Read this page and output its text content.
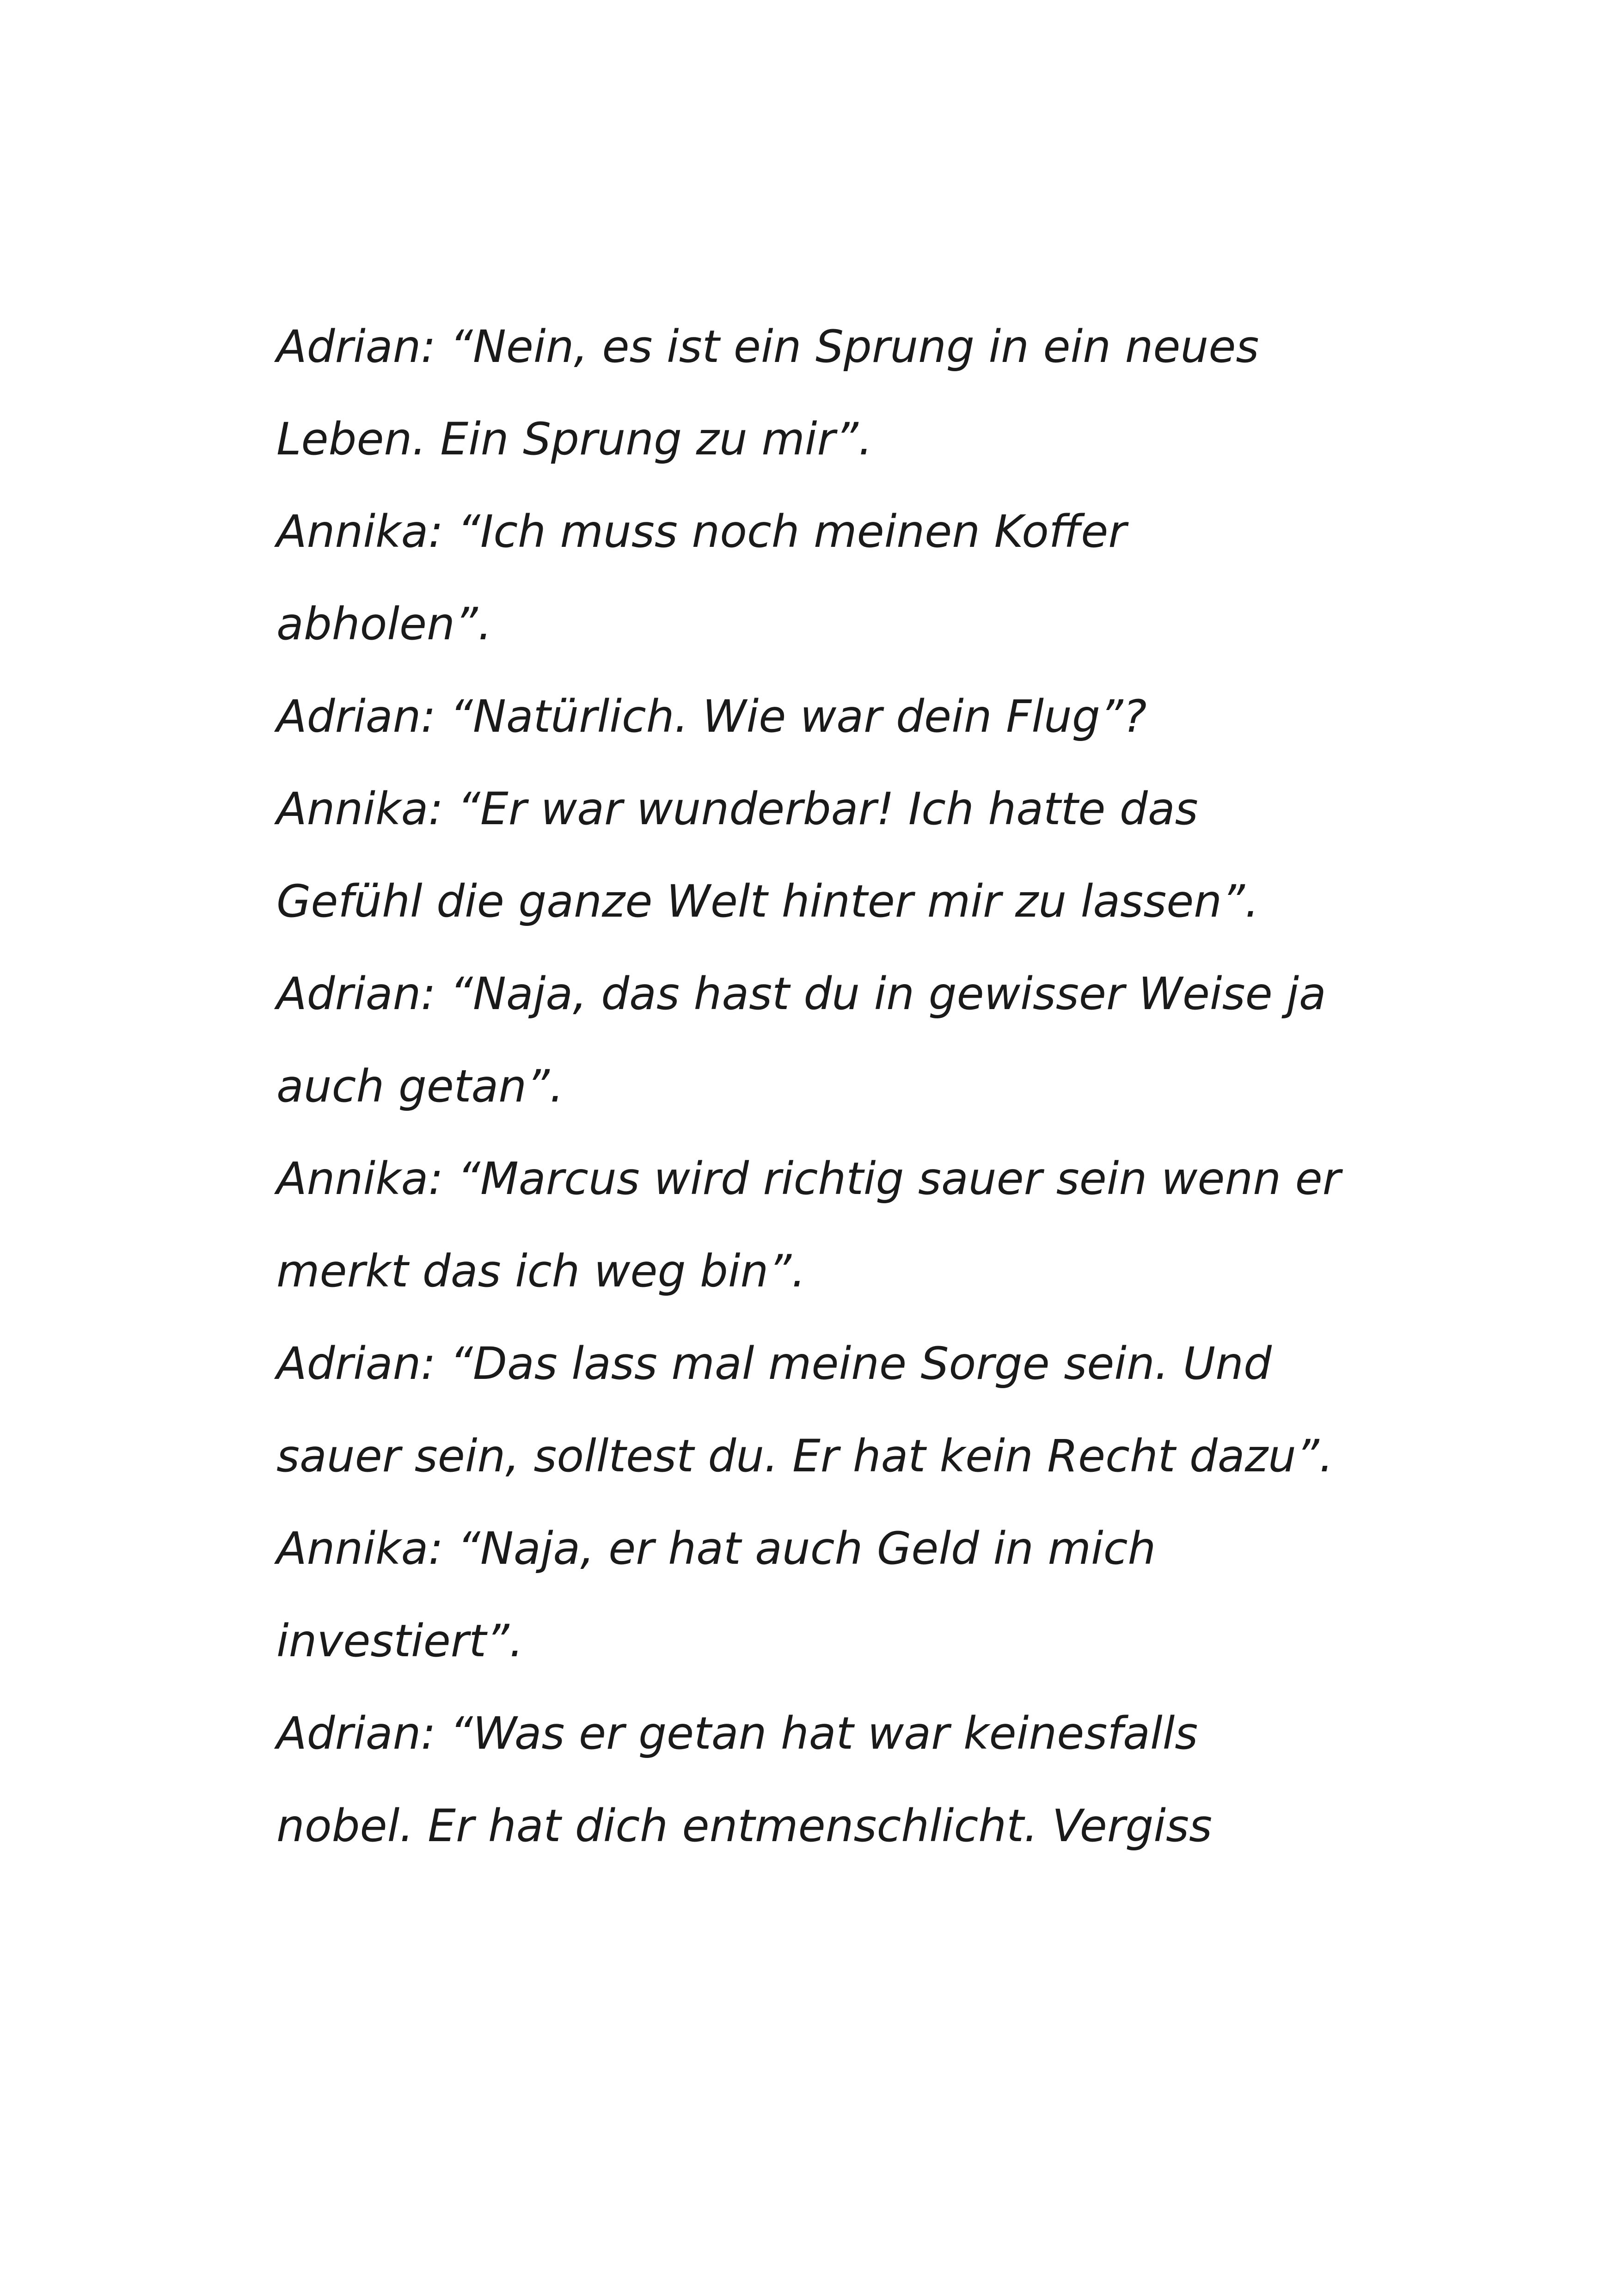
Adrian: “Nein, es ist ein Sprung in ein neues
Leben. Ein Sprung zu mir”.
Annika: “Ich muss noch meinen Koffer
abholen”.
Adrian: “Natürlich. Wie war dein Flug”?
Annika: “Er war wunderbar! Ich hatte das
Gefühl die ganze Welt hinter mir zu lassen”.
Adrian: “Naja, das hast du in gewisser Weise ja
auch getan”.
Annika: “Marcus wird richtig sauer sein wenn er
merkt das ich weg bin”.
Adrian: “Das lass mal meine Sorge sein. Und
sauer sein, solltest du. Er hat kein Recht dazu”.
Annika: “Naja, er hat auch Geld in mich
investiert”.
Adrian: “Was er getan hat war keinesfalls
nobel. Er hat dich entmenschlicht. Vergiss
